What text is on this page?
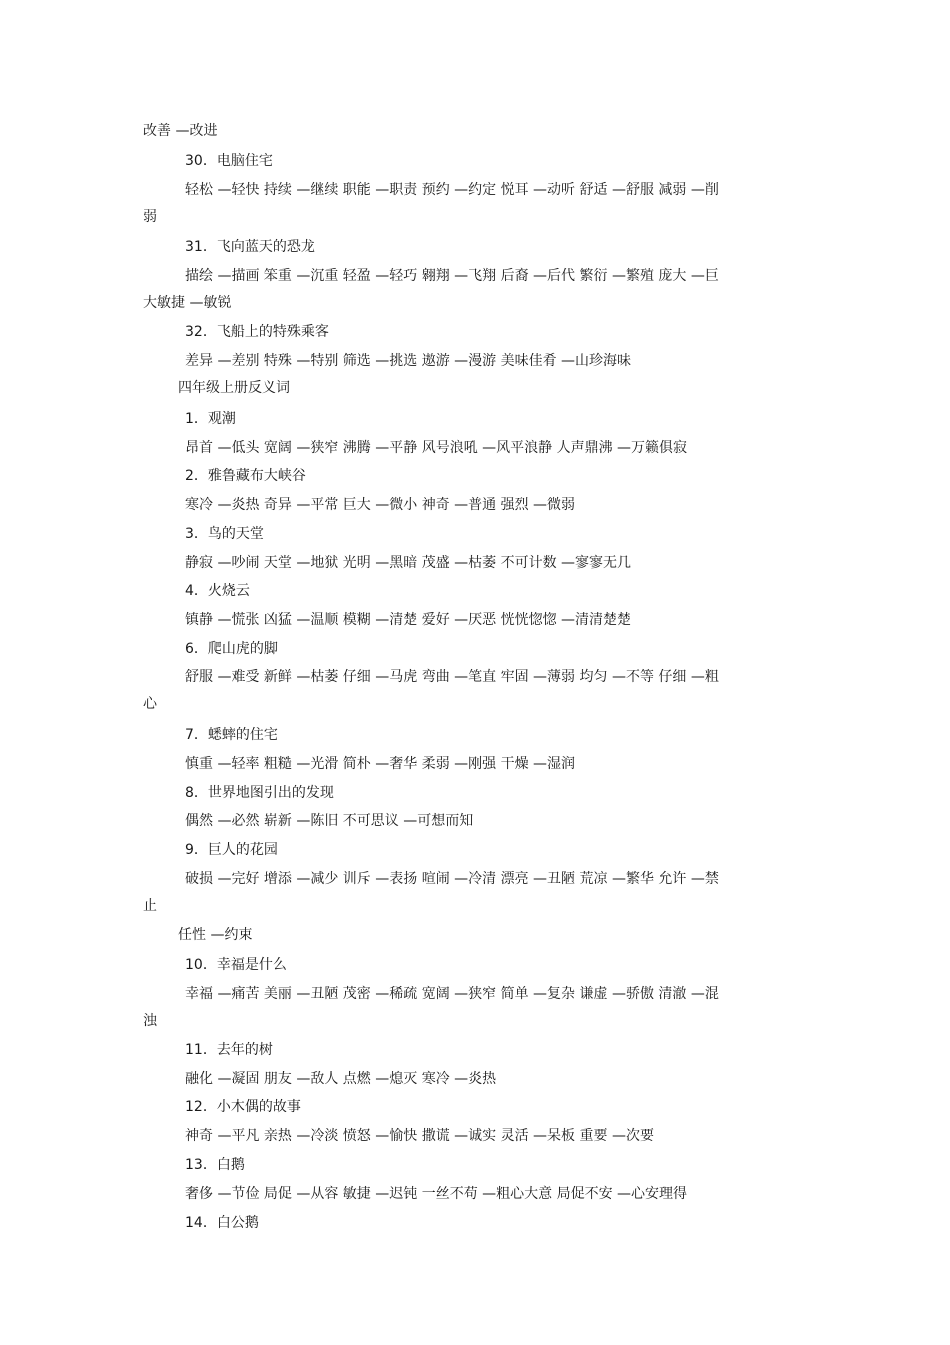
改善 —改进
30．电脑住宅
轻松 —轻快 持续 —继续 职能 —职责 预约 —约定 悦耳 —动听 舒适 —舒服 减弱 —削
弱
31．飞向蓝天的恐龙
描绘 —描画 笨重 —沉重 轻盈 —轻巧 翱翔 —飞翔 后裔 —后代 繁衍 —繁殖 庞大 —巨
大敏捷 —敏锐
32．飞船上的特殊乘客
差异 —差别 特殊 —特别 筛选 —挑选 遨游 —漫游 美味佳肴 —山珍海味
四年级上册反义词
1．观潮
昂首 —低头 宽阔 —狭窄 沸腾 —平静 风号浪吼 —风平浪静 人声鼎沸 —万籁俱寂
2．雅鲁藏布大峡谷
寒冷 —炎热 奇异 —平常 巨大 —微小 神奇 —普通 强烈 —微弱
3．鸟的天堂
静寂 —吵闹 天堂 —地狱 光明 —黑暗 茂盛 —枯萎 不可计数 —寥寥无几
4．火烧云
镇静 —慌张 凶猛 —温顺 模糊 —清楚 爱好 —厌恶 恍恍惚惚 —清清楚楚
6．爬山虎的脚
舒服 —难受 新鲜 —枯萎 仔细 —马虎 弯曲 —笔直 牢固 —薄弱 均匀 —不等 仔细 —粗
心
7．蟋蟀的住宅
慎重 —轻率 粗糙 —光滑 简朴 —奢华 柔弱 —刚强 干燥 —湿润
8．世界地图引出的发现
偶然 —必然 崭新 —陈旧 不可思议 —可想而知
9．巨人的花园
破损 —完好 增添 —减少 训斥 —表扬 喧闹 —冷清 漂亮 —丑陋 荒凉 —繁华 允许 —禁
止
任性 —约束
10．幸福是什么
幸福 —痛苦 美丽 —丑陋 茂密 —稀疏 宽阔 —狭窄 简单 —复杂 谦虚 —骄傲 清澈 —混
浊
11．去年的树
融化 —凝固 朋友 —敌人 点燃 —熄灭 寒冷 —炎热
12．小木偶的故事
神奇 —平凡 亲热 —冷淡 愤怒 —愉快 撒谎 —诚实 灵活 —呆板 重要 —次要
13．白鹅
奢侈 —节俭 局促 —从容 敏捷 —迟钝 一丝不苟 —粗心大意 局促不安 —心安理得
14．白公鹅
